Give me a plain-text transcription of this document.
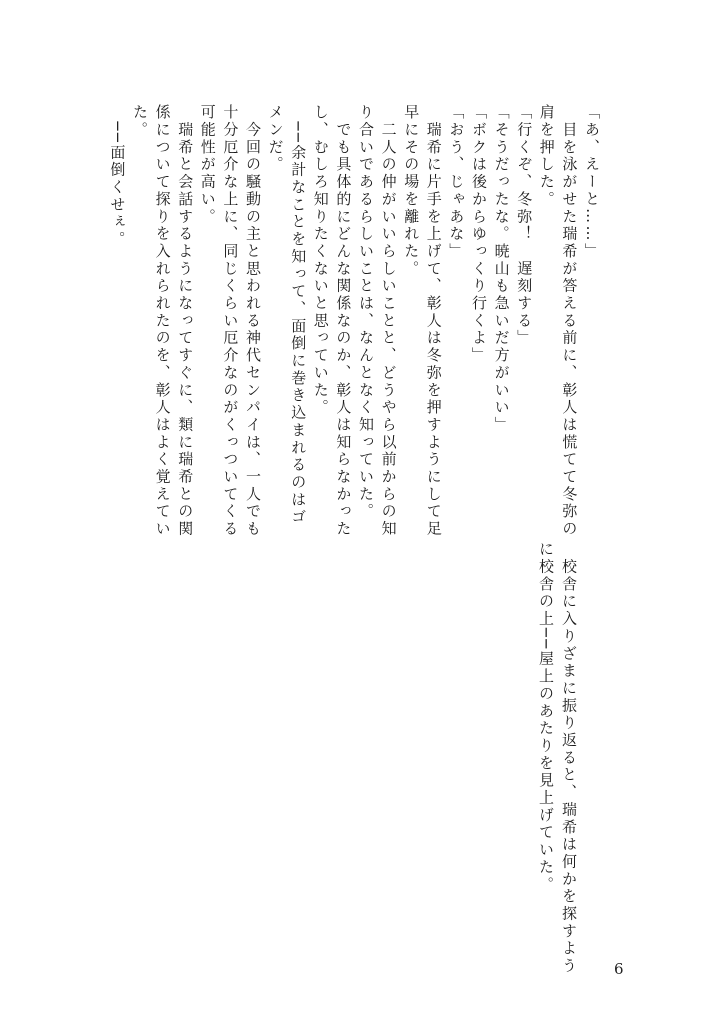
「あ、えーと……」
　目を泳がせた瑞希が答える前に、彰人は慌てて冬弥の
肩を押した。
「行くぞ、冬弥！　遅刻する」
「そうだったな。暁山も急いだ方がいい」
「ボクは後からゆっくり行くよ」
「おう、じゃあな」
　瑞希に片手を上げて、彰人は冬弥を押すようにして足
早にその場を離れた。
　二人の仲がいいらしいことと、どうやら以前からの知
り合いであるらしいことは、なんとなく知っていた。
　でも具体的にどんな関係なのか、彰人は知らなかった
し、むしろ知りたくないと思っていた。
　──余計なことを知って、面倒に巻き込まれるのはゴ
メンだ。
　今回の騒動の主と思われる神代センパイは、一人でも
十分厄介な上に、同じくらい厄介なのがくっついてくる
可能性が高い。
　瑞希と会話するようになってすぐに、類に瑞希との関
係について探りを入れられたのを、彰人はよく覚えてい
た。
　──面倒くせぇ。
　校舎に入りざまに振り返ると、瑞希は何かを探すよう
に校舎の上──屋上のあたりを見上げていた。
6
